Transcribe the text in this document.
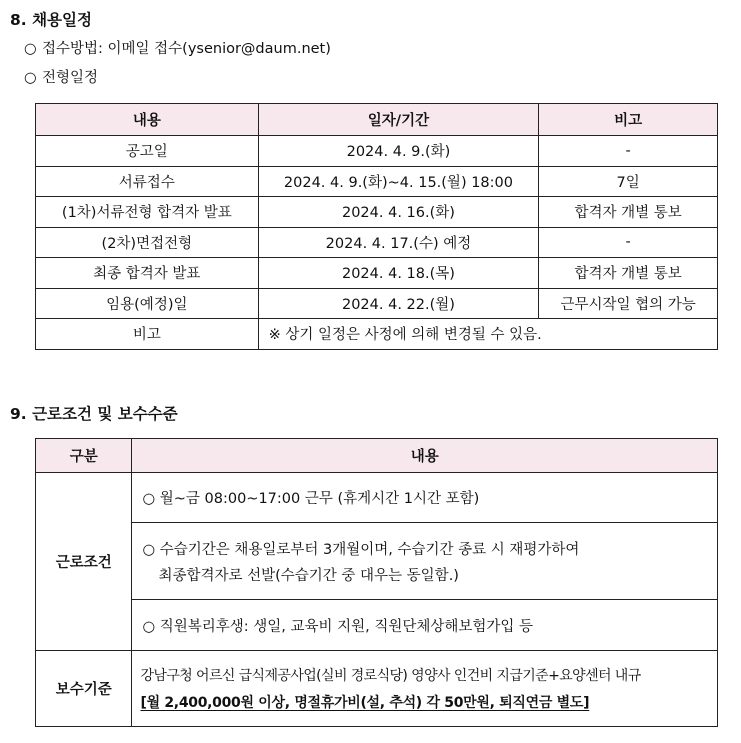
8. 채용일정
○ 접수방법: 이메일 접수(ysenior@daum.net)
○ 전형일정
내용	일자/기간	비고
공고일	2024. 4. 9.(화)	-
서류접수	2024. 4. 9.(화)~4. 15.(월) 18:00	7일
(1차)서류전형 합격자 발표	2024. 4. 16.(화)	합격자 개별 통보
(2차)면접전형	2024. 4. 17.(수) 예정	-
최종 합격자 발표	2024. 4. 18.(목)	합격자 개별 통보
임용(예정)일	2024. 4. 22.(월)	근무시작일 협의 가능
비고	※ 상기 일정은 사정에 의해 변경될 수 있음.	
9. 근로조건 및 보수수준
구분	내용
근로조건	○ 월~금 08:00~17:00 근무 (휴게시간 1시간 포함)

	○ 수습기간은 채용일로부터 3개월이며, 수습기간 종료 시 재평가하여
최종합격자로 선발(수습기간 중 대우는 동일함.)

	○ 직원복리후생: 생일, 교육비 지원, 직원단체상해보험가입 등
보수기준	강남구청 어르신 급식제공사업(실비 경로식당) 영양사 인건비 지급기준+요양센터 내규
[월 2,400,000원 이상, 명절휴가비(설, 추석) 각 50만원, 퇴직연금 별도]
